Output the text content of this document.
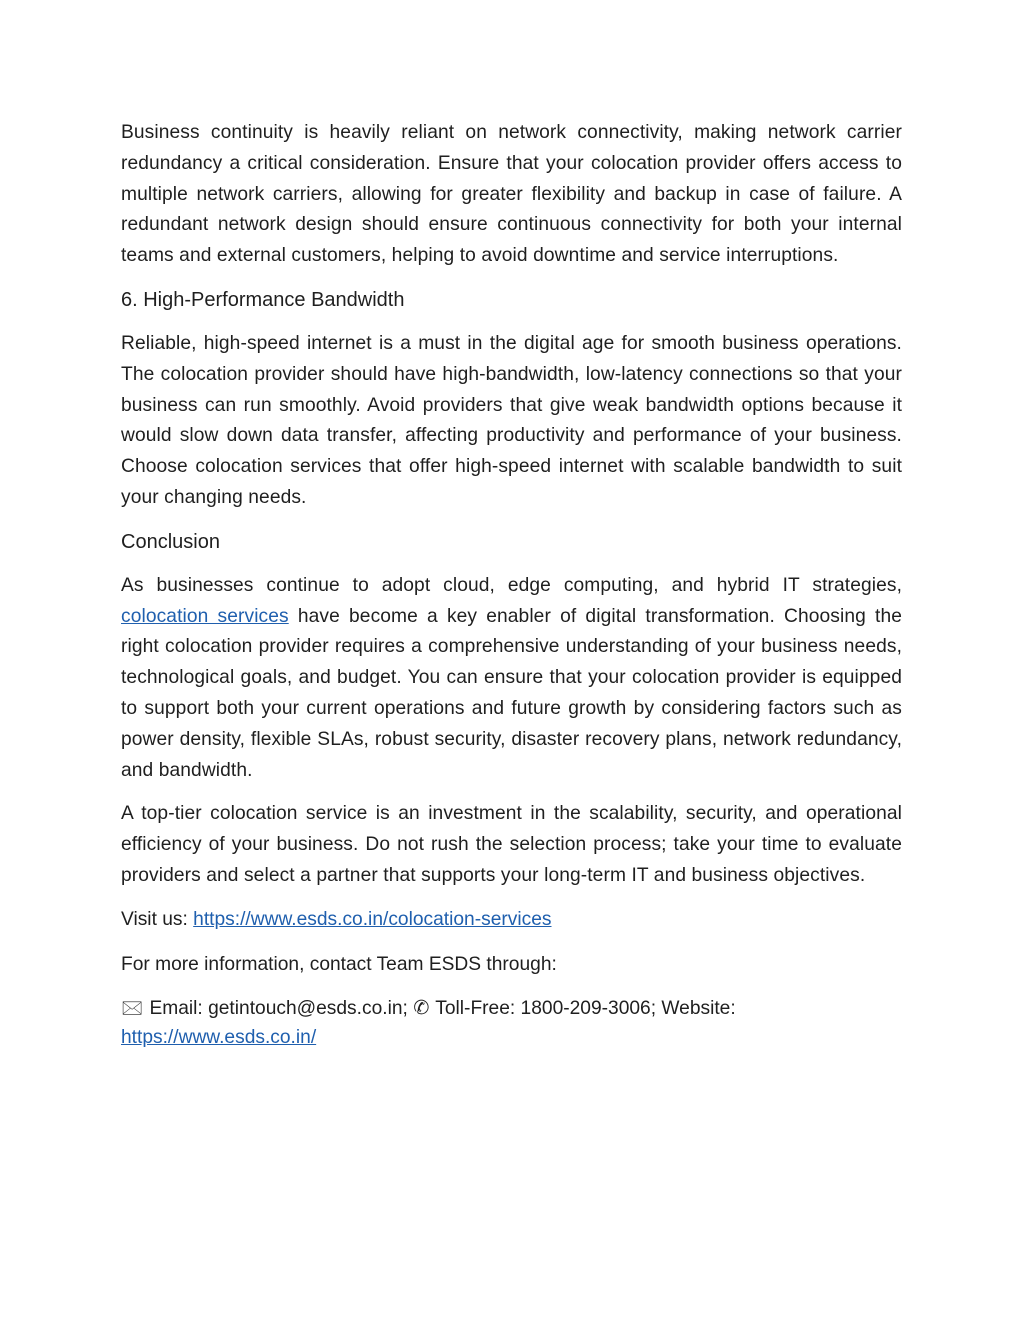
Business continuity is heavily reliant on network connectivity, making network carrier redundancy a critical consideration. Ensure that your colocation provider offers access to multiple network carriers, allowing for greater flexibility and backup in case of failure. A redundant network design should ensure continuous connectivity for both your internal teams and external customers, helping to avoid downtime and service interruptions.

6. High-Performance Bandwidth

Reliable, high-speed internet is a must in the digital age for smooth business operations. The colocation provider should have high-bandwidth, low-latency connections so that your business can run smoothly. Avoid providers that give weak bandwidth options because it would slow down data transfer, affecting productivity and performance of your business. Choose colocation services that offer high-speed internet with scalable bandwidth to suit your changing needs.

Conclusion

As businesses continue to adopt cloud, edge computing, and hybrid IT strategies, colocation services have become a key enabler of digital transformation. Choosing the right colocation provider requires a comprehensive understanding of your business needs, technological goals, and budget. You can ensure that your colocation provider is equipped to support both your current operations and future growth by considering factors such as power density, flexible SLAs, robust security, disaster recovery plans, network redundancy, and bandwidth.

A top-tier colocation service is an investment in the scalability, security, and operational efficiency of your business. Do not rush the selection process; take your time to evaluate providers and select a partner that supports your long-term IT and business objectives.

Visit us: https://www.esds.co.in/colocation-services

For more information, contact Team ESDS through:

🖂 Email: getintouch@esds.co.in; ✆ Toll-Free: 1800-209-3006; Website:
https://www.esds.co.in/
